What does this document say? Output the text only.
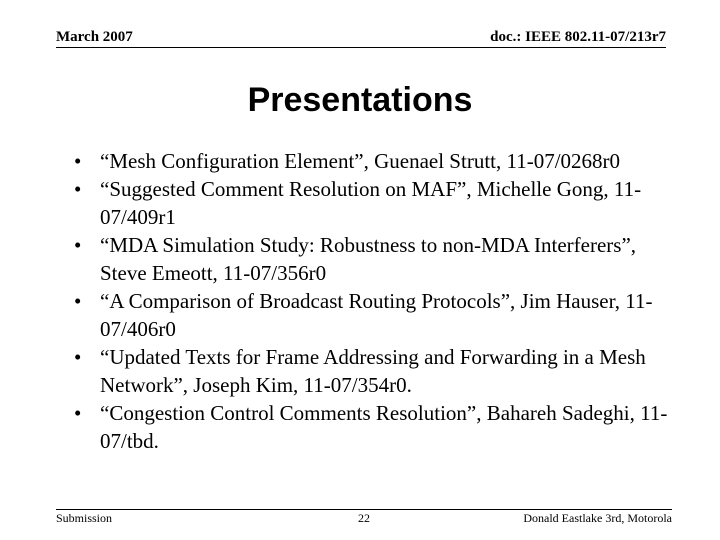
March 2007	doc.: IEEE 802.11-07/213r7
Presentations
• “Mesh Configuration Element”, Guenael Strutt, 11-07/0268r0
• “Suggested Comment Resolution on MAF”, Michelle Gong, 11-07/409r1
• “MDA Simulation Study: Robustness to non-MDA Interferers”, Steve Emeott, 11-07/356r0
• “A Comparison of Broadcast Routing Protocols”, Jim Hauser, 11-07/406r0
• “Updated Texts for Frame Addressing and Forwarding in a Mesh Network”, Joseph Kim, 11-07/354r0.
• “Congestion Control Comments Resolution”, Bahareh Sadeghi, 11-07/tbd.
Submission	22	Donald Eastlake 3rd, Motorola
